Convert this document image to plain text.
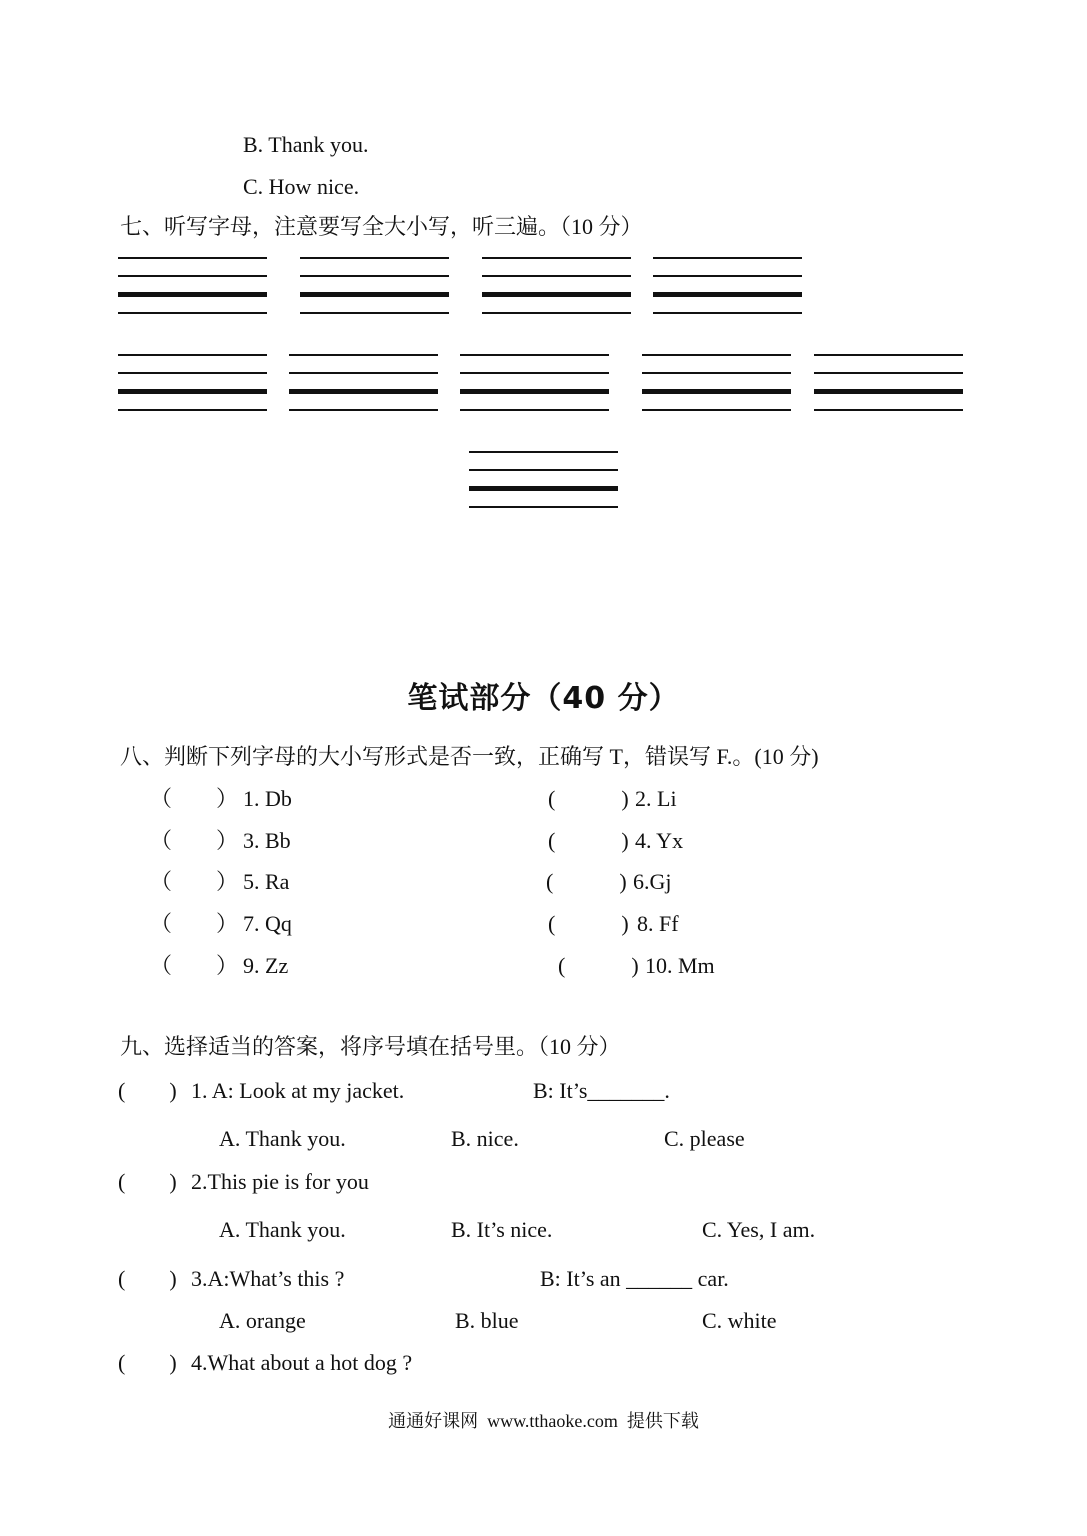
B. Thank you.
C. How nice.
七、听写字母，注意要写全大小写，听三遍。（10 分）
笔试部分（40 分）
八、判断下列字母的大小写形式是否一致，正确写 T，错误写 F.。(10 分)
（　　） 1. Db	(　　　) 2. Li
（　　） 3. Bb	(　　　) 4. Yx
（　　） 5. Ra	(　　　) 6.Gj
（　　） 7. Qq	(　　　) 8. Ff
（　　） 9. Zz	(　　　) 10. Mm
九、选择适当的答案，将序号填在括号里。（10 分）
(　　) 1. A: Look at my jacket.	B: It’s_______.
A. Thank you.	B. nice.	C. please
(　　) 2.This pie is for you
A. Thank you.	B. It’s nice.	C. Yes, I am.
(　　) 3.A:What’s this ?	B: It’s an ______ car.
A. orange	B. blue	C. white
(　　) 4.What about a hot dog ?
通通好课网  www.tthaoke.com  提供下载
